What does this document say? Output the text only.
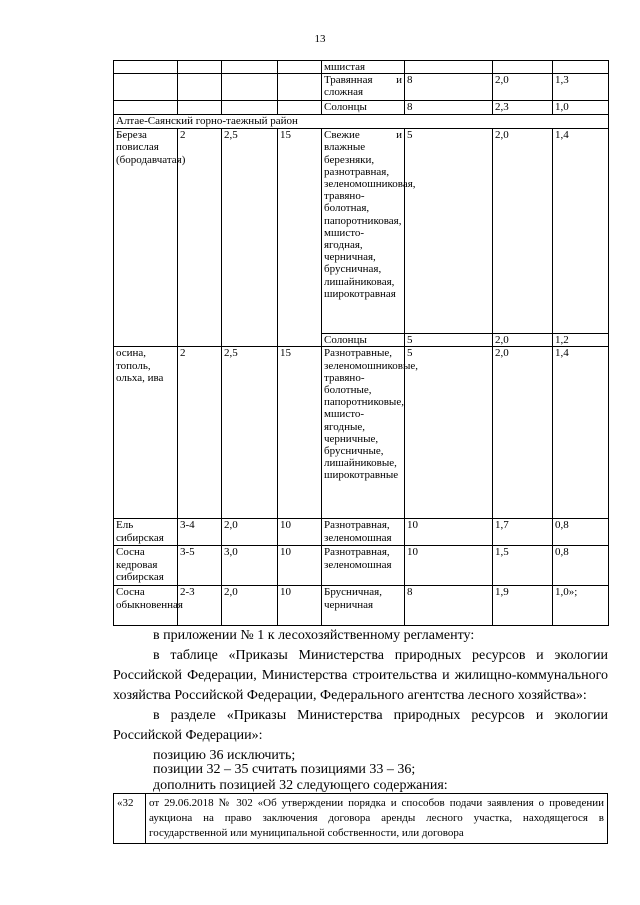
13
				мшистая			
				Травянная и сложная	8	2,0	1,3
				Солонцы	8	2,3	1,0
Алтае-Саянский горно-таежный район							
Береза повислая (бородавчатая)	2	2,5	15	Свежие и влажные березняки, разнотравная, зеленомошниковая, травяно-болотная, папоротниковая, мшисто-ягодная, черничная, брусничная, лишайниковая, широкотравная	5	2,0	1,4
				Солонцы	5	2,0	1,2
осина, тополь, ольха, ива	2	2,5	15	Разнотравные, зеленомошниковые, травяно-болотные, папоротниковые, мшисто-ягодные, черничные, брусничные, лишайниковые, широкотравные	5	2,0	1,4
Ель сибирская	3-4	2,0	10	Разнотравная, зеленомошная	10	1,7	0,8
Сосна кедровая сибирская	3-5	3,0	10	Разнотравная, зеленомошная	10	1,5	0,8
Сосна обыкновенная	2-3	2,0	10	Брусничная, черничная	8	1,9	1,0»;
в приложении № 1 к лесохозяйственному регламенту:
в таблице «Приказы Министерства природных ресурсов и экологии Российской Федерации, Министерства строительства и жилищно-коммунального хозяйства Российской Федерации, Федерального агентства лесного хозяйства»:
в разделе «Приказы Министерства природных ресурсов и экологии Российской Федерации»:
позицию 36 исключить;
позиции 32 – 35 считать позициями 33 – 36;
дополнить позицией 32 следующего содержания:
«32	от 29.06.2018 № 302 «Об утверждении порядка и способов подачи заявления о проведении аукциона на право заключения договора аренды лесного участка, находящегося в государственной или муниципальной собственности, или договора
